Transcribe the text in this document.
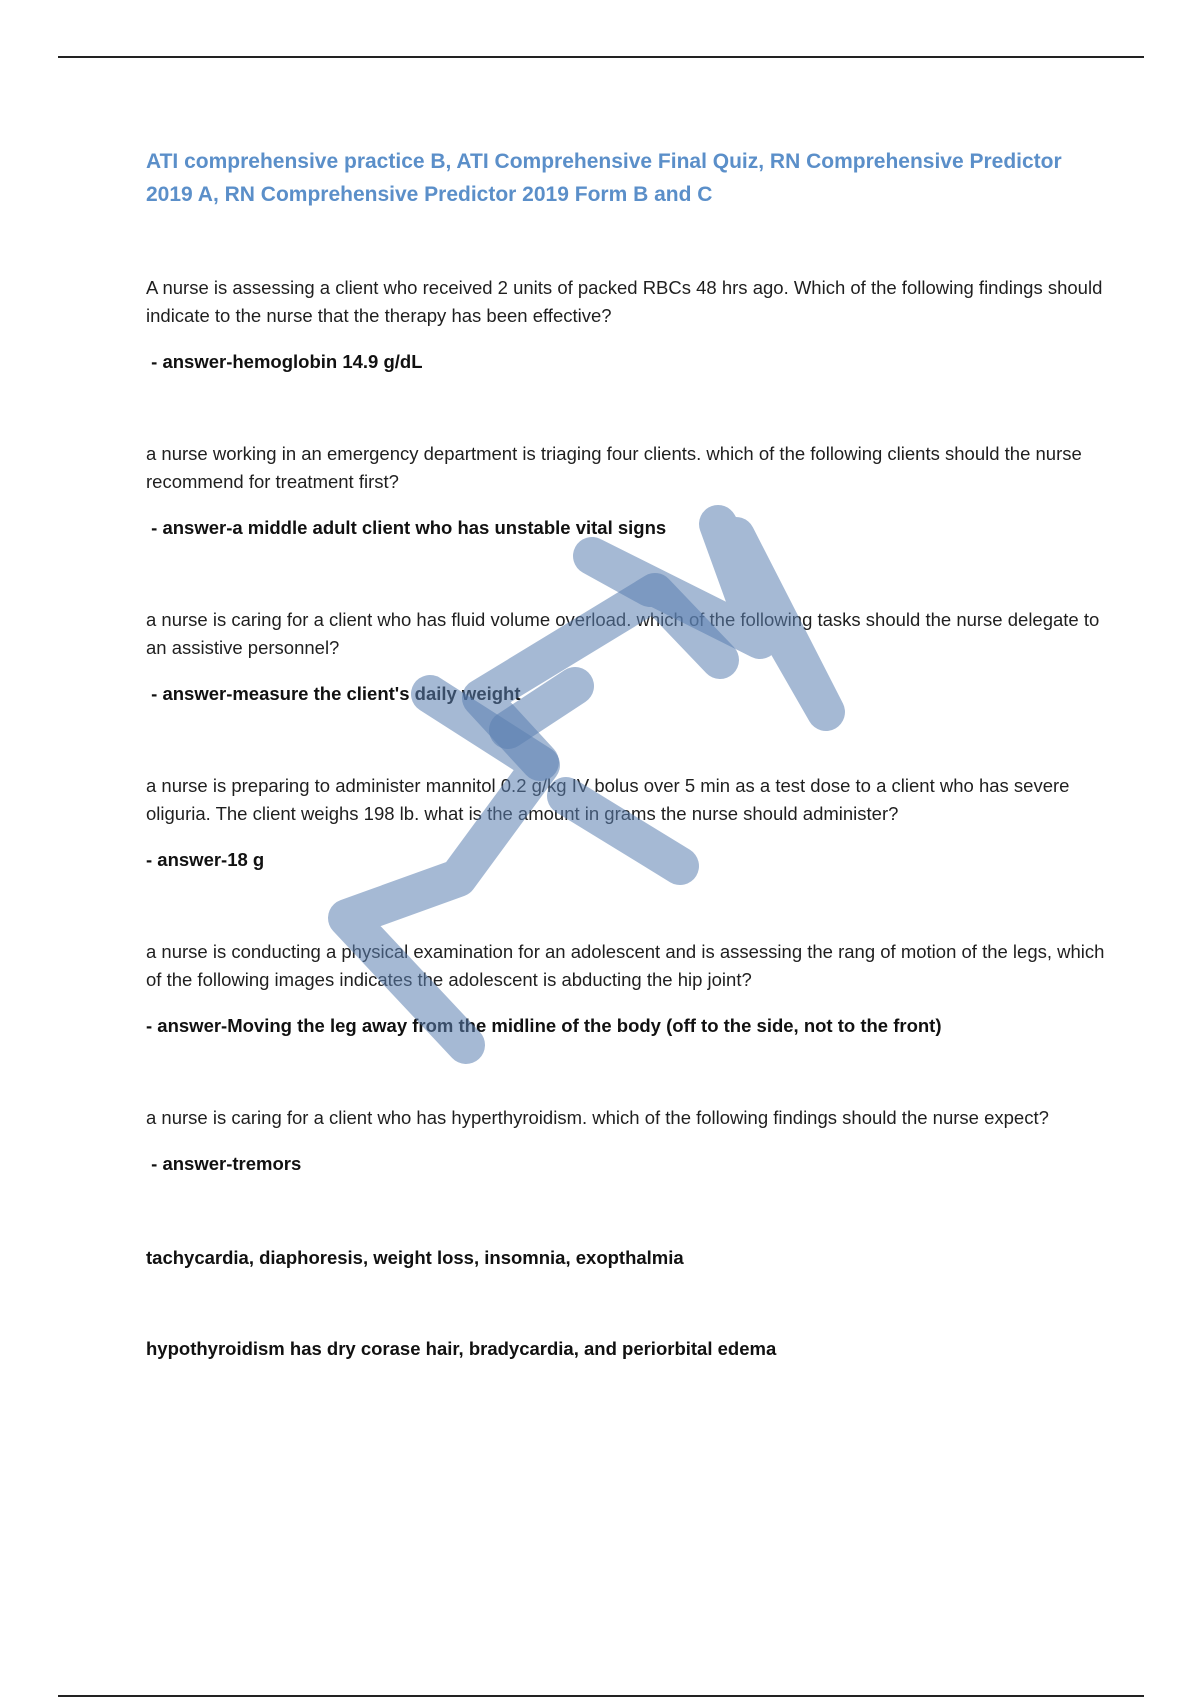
ATI comprehensive practice B, ATI Comprehensive Final Quiz, RN Comprehensive Predictor 2019 A, RN Comprehensive Predictor 2019 Form B and C

A nurse is assessing a client who received 2 units of packed RBCs 48 hrs ago. Which of the following findings should indicate to the nurse that the therapy has been effective?

- answer-hemoglobin 14.9 g/dL

a nurse working in an emergency department is triaging four clients. which of the following clients should the nurse recommend for treatment first?

- answer-a middle adult client who has unstable vital signs

a nurse is caring for a client who has fluid volume overload. which of the following tasks should the nurse delegate to an assistive personnel?

- answer-measure the client's daily weight

a nurse is preparing to administer mannitol 0.2 g/kg IV bolus over 5 min as a test dose to a client who has severe oliguria. The client weighs 198 lb. what is the amount in grams the nurse should administer?

- answer-18 g

a nurse is conducting a physical examination for an adolescent and is assessing the rang of motion of the legs, which of the following images indicates the adolescent is abducting the hip joint?

- answer-Moving the leg away from the midline of the body (off to the side, not to the front)

a nurse is caring for a client who has hyperthyroidism. which of the following findings should the nurse expect?

- answer-tremors

tachycardia, diaphoresis, weight loss, insomnia, exopthalmia

hypothyroidism has dry corase hair, bradycardia, and periorbital edema
